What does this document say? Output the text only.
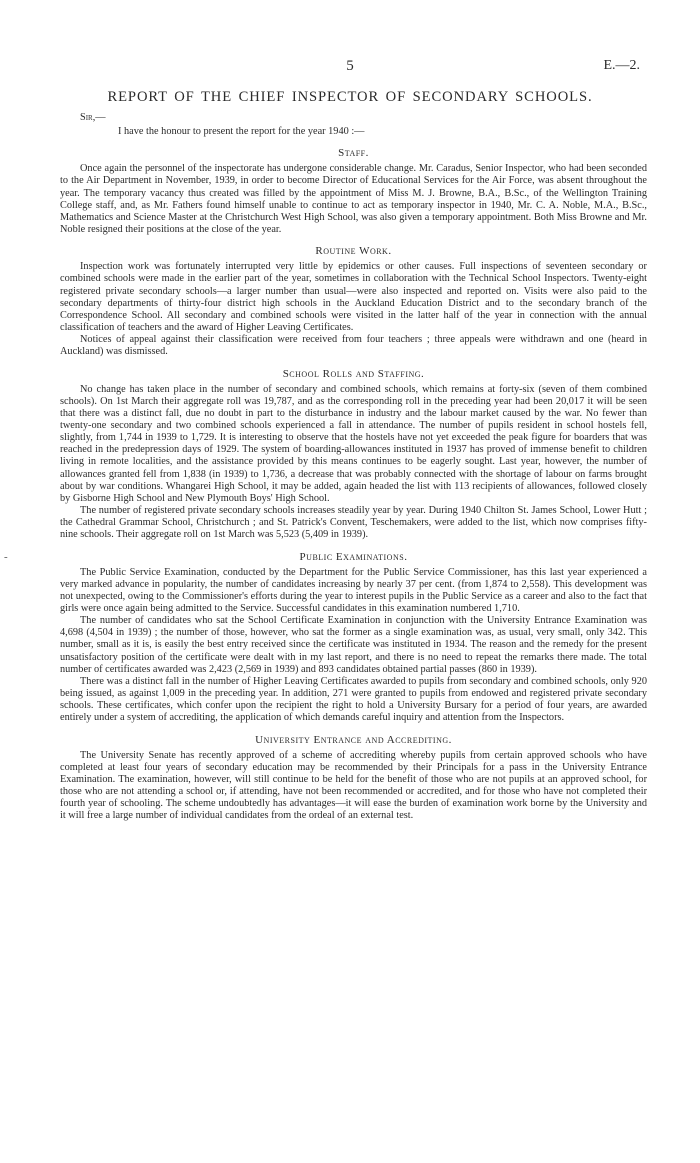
5	E.—2.
REPORT OF THE CHIEF INSPECTOR OF SECONDARY SCHOOLS.
‑

Sir,—

I have the honour to present the report for the year 1940 :—

Staff.

Once again the personnel of the inspectorate has undergone considerable change. Mr. Caradus, Senior Inspector, who had been seconded to the Air Department in November, 1939, in order to become Director of Educational Services for the Air Force, was absent throughout the year. The temporary vacancy thus created was filled by the appointment of Miss M. J. Browne, B.A., B.Sc., of the Wellington Training College staff, and, as Mr. Fathers found himself unable to continue to act as temporary inspector in 1940, Mr. C. A. Noble, M.A., B.Sc., Mathematics and Science Master at the Christchurch West High School, was also given a temporary appointment. Both Miss Browne and Mr. Noble resigned their positions at the close of the year.

Routine Work.

Inspection work was fortunately interrupted very little by epidemics or other causes. Full inspections of seventeen secondary or combined schools were made in the earlier part of the year, sometimes in collaboration with the Technical School Inspectors. Twenty-eight registered private secondary schools—a larger number than usual—were also inspected and reported on. Visits were also paid to the secondary departments of thirty-four district high schools in the Auckland Education District and to the secondary branch of the Correspondence School. All secondary and combined schools were visited in the latter half of the year in connection with the annual classification of teachers and the award of Higher Leaving Certificates.

Notices of appeal against their classification were received from four teachers ; three appeals were withdrawn and one (heard in Auckland) was dismissed.

School Rolls and Staffing.

No change has taken place in the number of secondary and combined schools, which remains at forty-six (seven of them combined schools). On 1st March their aggregate roll was 19,787, and as the corresponding roll in the preceding year had been 20,017 it will be seen that there was a distinct fall, due no doubt in part to the disturbance in industry and the labour market caused by the war. No fewer than twenty-one secondary and two combined schools experienced a fall in attendance. The number of pupils resident in school hostels fell, slightly, from 1,744 in 1939 to 1,729. It is interesting to observe that the hostels have not yet exceeded the peak figure for boarders that was reached in the predepression days of 1929. The system of boarding-allowances instituted in 1937 has proved of immense benefit to children living in remote localities, and the assistance provided by this means continues to be eagerly sought. Last year, however, the number of allowances granted fell from 1,838 (in 1939) to 1,736, a decrease that was probably connected with the shortage of labour on farms brought about by war conditions. Whangarei High School, it may be added, again headed the list with 113 recipients of allowances, followed closely by Gisborne High School and New Plymouth Boys' High School.

The number of registered private secondary schools increases steadily year by year. During 1940 Chilton St. James School, Lower Hutt ; the Cathedral Grammar School, Christchurch ; and St. Patrick's Convent, Teschemakers, were added to the list, which now comprises fifty-nine schools. Their aggregate roll on 1st March was 5,523 (5,409 in 1939).

Public Examinations.

The Public Service Examination, conducted by the Department for the Public Service Commissioner, has this last year experienced a very marked advance in popularity, the number of candidates increasing by nearly 37 per cent. (from 1,874 to 2,558). This development was not unexpected, owing to the Commissioner's efforts during the year to interest pupils in the Public Service as a career and also to the fact that girls were once again being admitted to the Service. Successful candidates in this examination numbered 1,710.

The number of candidates who sat the School Certificate Examination in conjunction with the University Entrance Examination was 4,698 (4,504 in 1939) ; the number of those, however, who sat the former as a single examination was, as usual, very small, only 342. This number, small as it is, is easily the best entry received since the certificate was instituted in 1934. The reason and the remedy for the present unsatisfactory position of the certificate were dealt with in my last report, and there is no need to repeat the remarks there made. The total number of certificates awarded was 2,423 (2,569 in 1939) and 893 candidates obtained partial passes (860 in 1939).

There was a distinct fall in the number of Higher Leaving Certificates awarded to pupils from secondary and combined schools, only 920 being issued, as against 1,009 in the preceding year. In addition, 271 were granted to pupils from endowed and registered private secondary schools. These certificates, which confer upon the recipient the right to hold a University Bursary for a period of four years, are awarded entirely under a system of accrediting, the application of which demands careful inquiry and attention from the Inspectors.

University Entrance and Accrediting.

The University Senate has recently approved of a scheme of accrediting whereby pupils from certain approved schools who have completed at least four years of secondary education may be recommended by their Principals for a pass in the University Entrance Examination. The examination, however, will still continue to be held for the benefit of those who are not pupils at an approved school, for those who are not attending a school or, if attending, have not been recommended or accredited, and for those who have not completed their fourth year of schooling. The scheme undoubtedly has advantages—it will ease the burden of examination work borne by the University and it will free a large number of individual candidates from the ordeal of an external test.
